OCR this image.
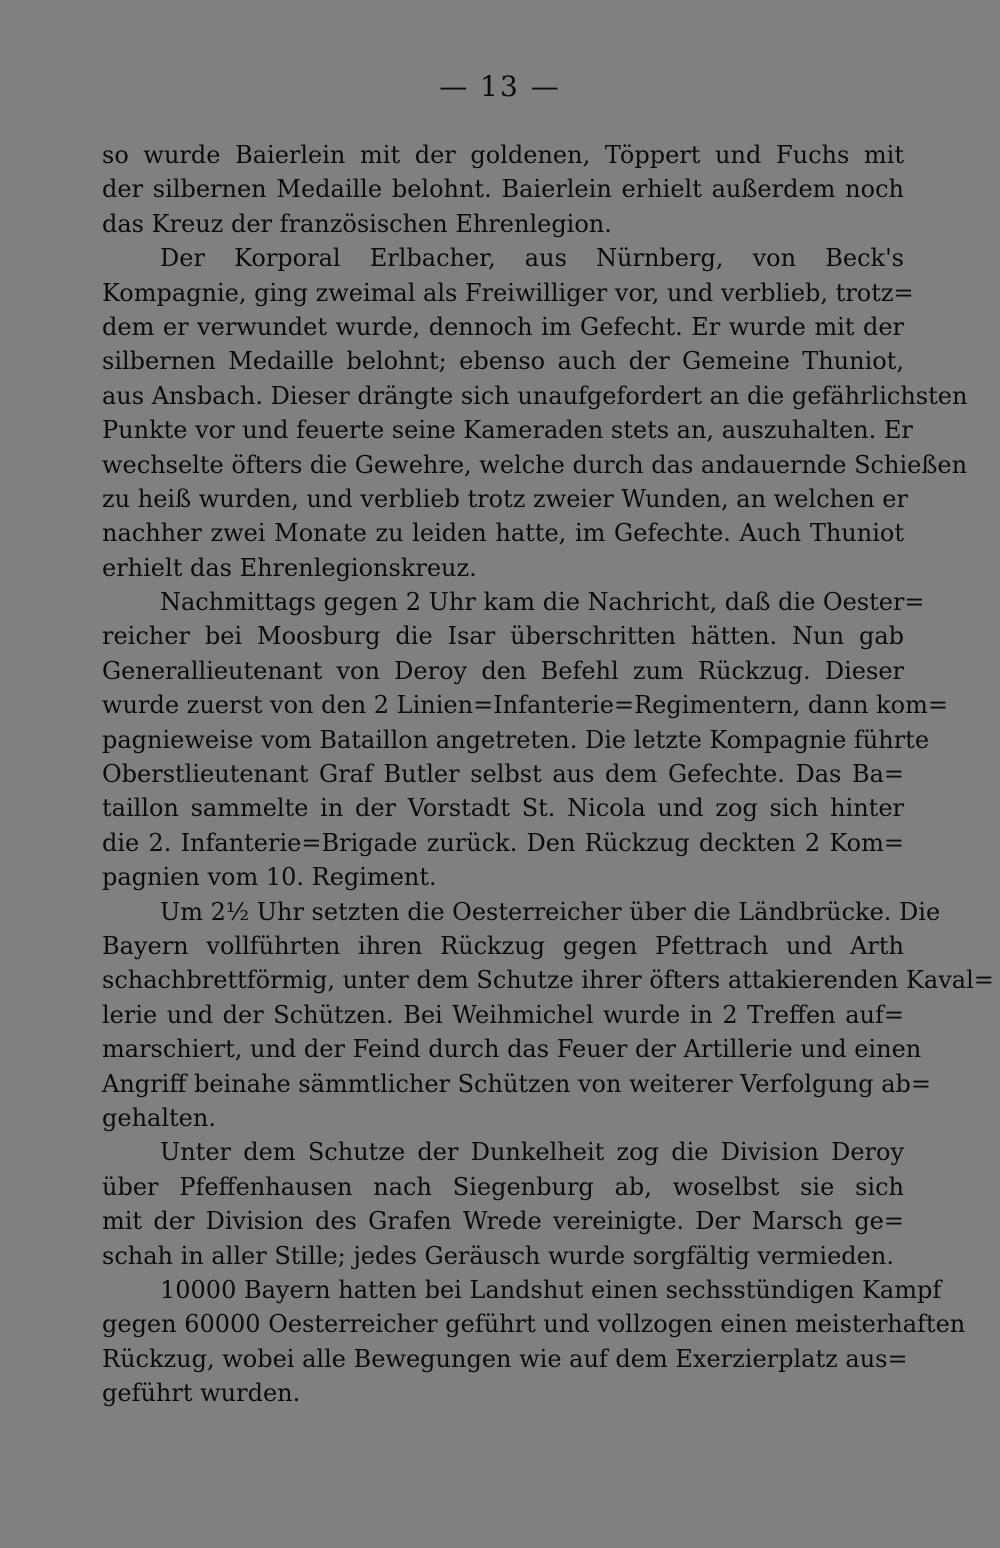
— 13 —
so wurde Baierlein mit der goldenen, Töppert und Fuchs mit
der silbernen Medaille belohnt. Baierlein erhielt außerdem noch
das Kreuz der französischen Ehrenlegion.
Der Korporal Erlbacher, aus Nürnberg, von Beck's
Kompagnie, ging zweimal als Freiwilliger vor, und verblieb, trotz=
dem er verwundet wurde, dennoch im Gefecht. Er wurde mit der
silbernen Medaille belohnt; ebenso auch der Gemeine Thuniot,
aus Ansbach. Dieser drängte sich unaufgefordert an die gefährlichsten
Punkte vor und feuerte seine Kameraden stets an, auszuhalten. Er
wechselte öfters die Gewehre, welche durch das andauernde Schießen
zu heiß wurden, und verblieb trotz zweier Wunden, an welchen er
nachher zwei Monate zu leiden hatte, im Gefechte. Auch Thuniot
erhielt das Ehrenlegionskreuz.
Nachmittags gegen 2 Uhr kam die Nachricht, daß die Oester=
reicher bei Moosburg die Isar überschritten hätten. Nun gab
Generallieutenant von Deroy den Befehl zum Rückzug. Dieser
wurde zuerst von den 2 Linien=Infanterie=Regimentern, dann kom=
pagnieweise vom Bataillon angetreten. Die letzte Kompagnie führte
Oberstlieutenant Graf Butler selbst aus dem Gefechte. Das Ba=
taillon sammelte in der Vorstadt St. Nicola und zog sich hinter
die 2. Infanterie=Brigade zurück. Den Rückzug deckten 2 Kom=
pagnien vom 10. Regiment.
Um 2½ Uhr setzten die Oesterreicher über die Ländbrücke. Die
Bayern vollführten ihren Rückzug gegen Pfettrach und Arth
schachbrettförmig, unter dem Schutze ihrer öfters attakierenden Kaval=
lerie und der Schützen. Bei Weihmichel wurde in 2 Treffen auf=
marschiert, und der Feind durch das Feuer der Artillerie und einen
Angriff beinahe sämmtlicher Schützen von weiterer Verfolgung ab=
gehalten.
Unter dem Schutze der Dunkelheit zog die Division Deroy
über Pfeffenhausen nach Siegenburg ab, woselbst sie sich
mit der Division des Grafen Wrede vereinigte. Der Marsch ge=
schah in aller Stille; jedes Geräusch wurde sorgfältig vermieden.
10000 Bayern hatten bei Landshut einen sechsstündigen Kampf
gegen 60000 Oesterreicher geführt und vollzogen einen meisterhaften
Rückzug, wobei alle Bewegungen wie auf dem Exerzierplatz aus=
geführt wurden.
